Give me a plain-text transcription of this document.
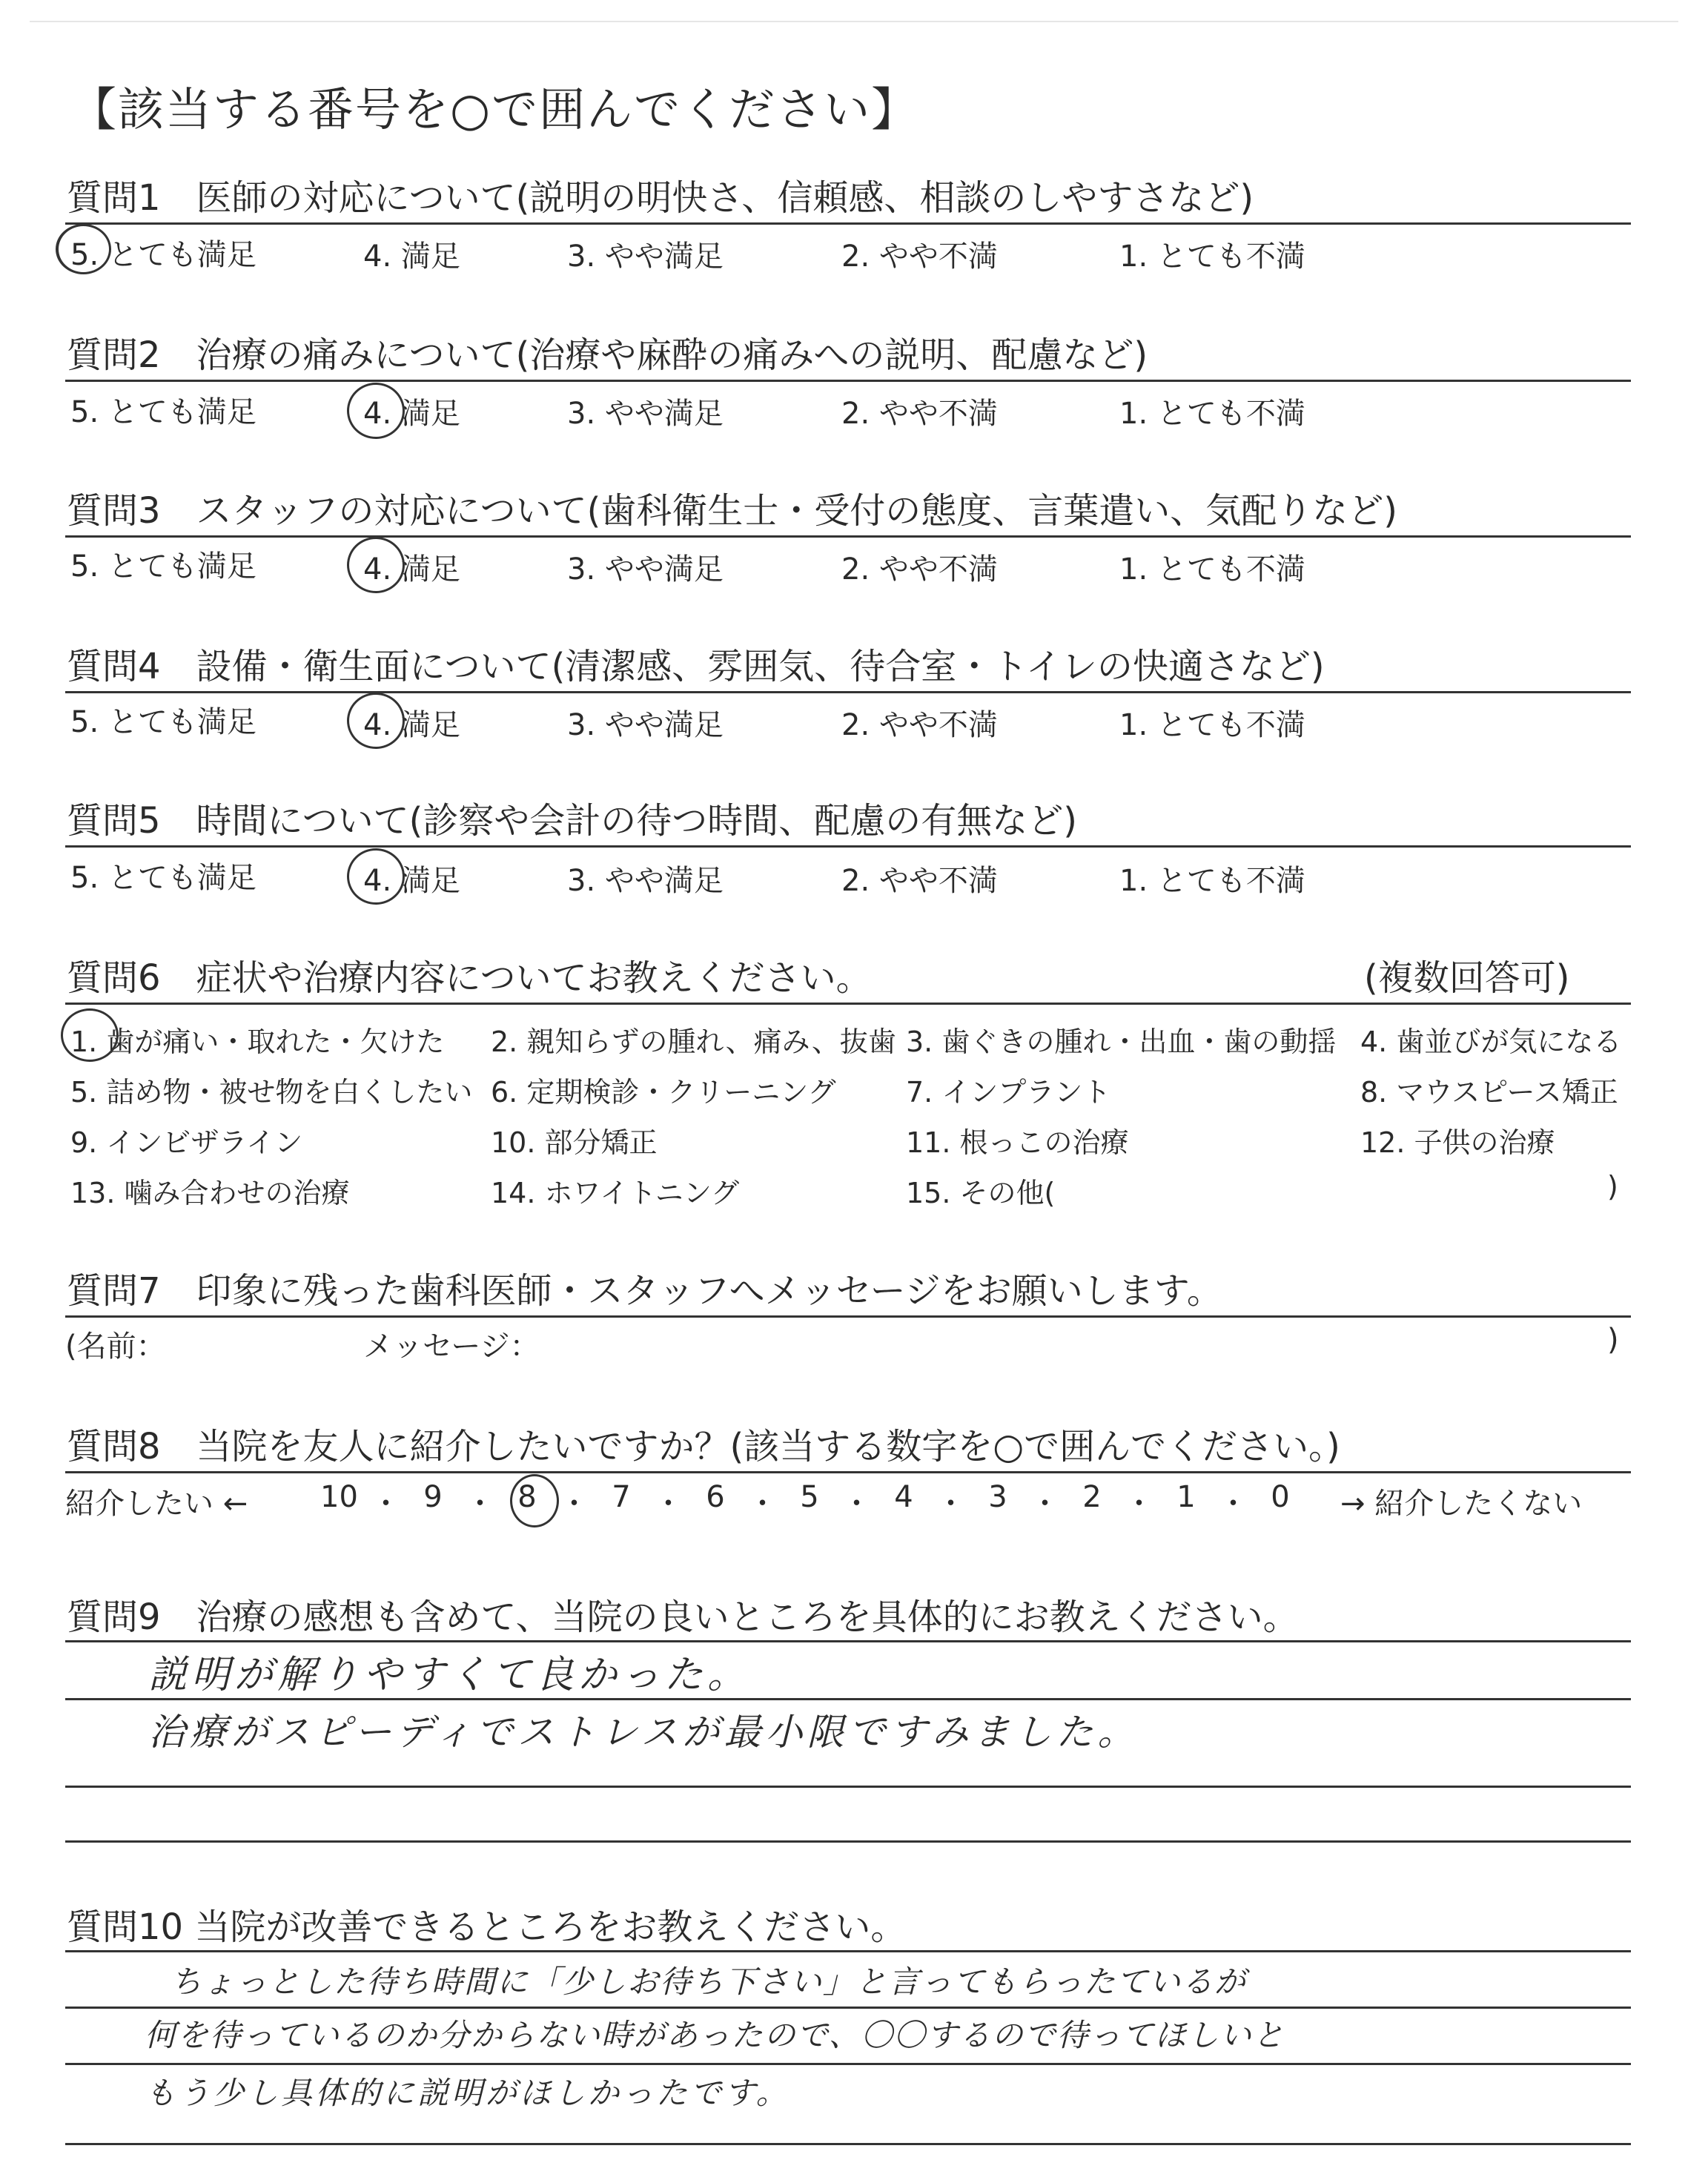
【該当する番号を○で囲んでください】
質問1　医師の対応について(説明の明快さ、信頼感、相談のしやすさなど)
5. とても満足	4. 満足	3. やや満足	2. やや不満	1. とても不満
質問2　治療の痛みについて(治療や麻酔の痛みへの説明、配慮など)
5. とても満足	4. 満足	3. やや満足	2. やや不満	1. とても不満
質問3　スタッフの対応について(歯科衛生士・受付の態度、言葉遣い、気配りなど)
5. とても満足	4. 満足	3. やや満足	2. やや不満	1. とても不満
質問4　設備・衛生面について(清潔感、雰囲気、待合室・トイレの快適さなど)
5. とても満足	4. 満足	3. やや満足	2. やや不満	1. とても不満
質問5　時間について(診察や会計の待つ時間、配慮の有無など)
5. とても満足	4. 満足	3. やや満足	2. やや不満	1. とても不満
質問6　症状や治療内容についてお教えください。	(複数回答可)
1. 歯が痛い・取れた・欠けた 2. 親知らずの腫れ、痛み、抜歯 3. 歯ぐきの腫れ・出血・歯の動揺 4. 歯並びが気になる
5. 詰め物・被せ物を白くしたい 6. 定期検診・クリーニング 7. インプラント	8. マウスピース矯正
9. インビザライン	10. 部分矯正	11. 根っこの治療	12. 子供の治療
13. 噛み合わせの治療	14. ホワイトニング	15. その他(	)
質問7　印象に残った歯科医師・スタッフへメッセージをお願いします。
(名前：	メッセージ：	)
質問8　当院を友人に紹介したいですか？(該当する数字を○で囲んでください。)
紹介したい ← 10 ・ 9 ・ 8 ・ 7 ・ 6 ・ 5 ・ 4 ・ 3 ・ 2 ・ 1 ・ 0	→ 紹介したくない
質問9　治療の感想も含めて、当院の良いところを具体的にお教えください。
説明が解りやすくて良かった。
治療がスピーディでストレスが最小限ですみました。
質問10 当院が改善できるところをお教えください。
ちょっとした待ち時間に「少しお待ち下さい」と言ってもらったているが
何を待っているのか分からない時があったので、〇〇するので待ってほしいと
もう少し具体的に説明がほしかったです。
